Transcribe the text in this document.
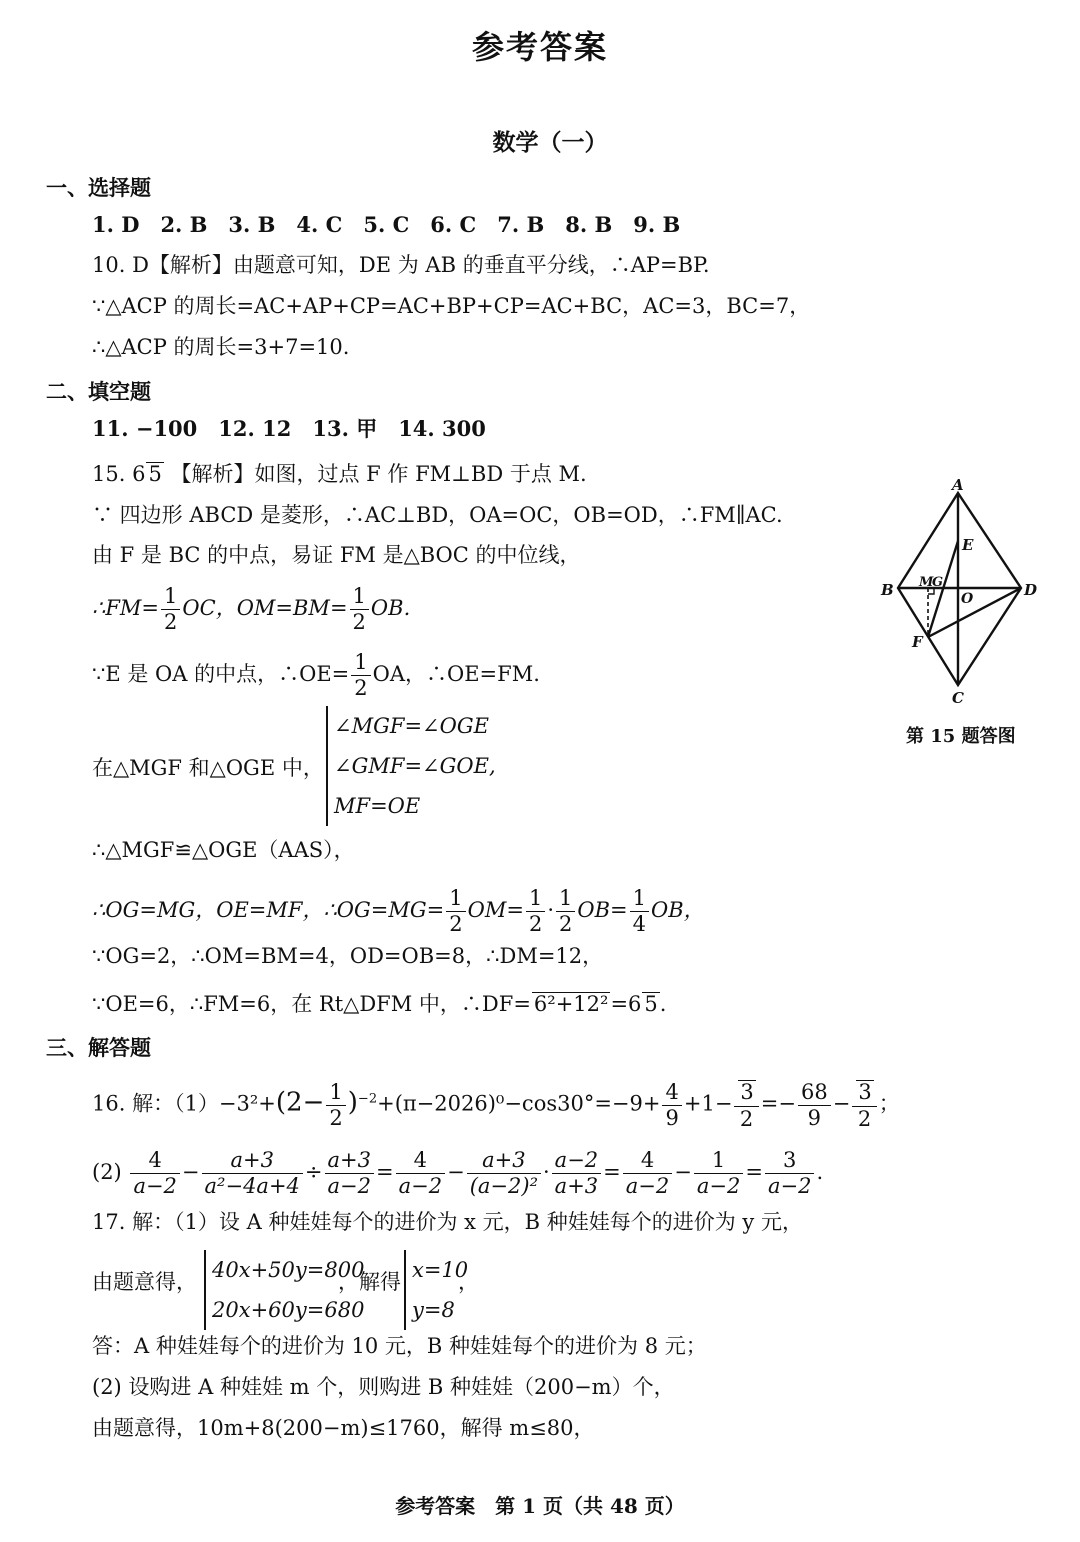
参考答案
数学（一）
一、选择题
1. D　2. B　3. B　4. C　5. C　6. C　7. B　8. B　9. B
10. D【解析】由题意可知，DE 为 AB 的垂直平分线，∴AP=BP.
∵△ACP 的周长=AC+AP+CP=AC+BP+CP=AC+BC，AC=3，BC=7，
∴△ACP 的周长=3+7=10.
二、填空题
11. −100　12. 12　13. 甲　14. 300
15. 6 5 【解析】如图，过点 F 作 FM⊥BD 于点 M.
∵ 四边形 ABCD 是菱形，∴AC⊥BD，OA=OC，OB=OD，∴FM∥AC.
由 F 是 BC 的中点，易证 FM 是△BOC 的中位线，
∴FM= $\frac{1}{2}$ OC，$OM=BM= \frac{1}{2}$ OB.
∵E 是 OA 的中点，∴OE= $\frac{1}{2}$ OA，∴OE=FM.
在△MGF 和△OGE 中，
∠MGF=∠OGE
∠GMF=∠GOE,
MF=OE
∴△MGF≌△OGE（AAS），
∴OG=MG，OE=MF，∴OG=MG= $\frac{1}{2} OM= \frac{1}{2} \cdot \frac{1}{2} OB= \frac{1}{4}$ OB，
∵OG=2，∴OM=BM=4，OD=OB=8，∴DM=12，
∵OE=6，∴FM=6，在 Rt△DFM 中，∴DF= 6²+12²=6 5.
A
B
C
D
E
F
M
G
O
第 15 题答图
三、解答题
16. 解：$(1)-3^2+(2- \frac{1}{2} )^{-2}+(\pi-2026)^0-\cos 30^\circ=-9+ \frac{4}{9} +1- \frac{3}{2} =- \frac{68}{9} - \frac{3}{2}$ ；
$(2) \frac{4}{a-2} - \frac{a+3}{\text{a²−4a+4}} \div \frac{a+3}{a-2} = \frac{4}{a-2} - \frac{a+3}{\text{(a−2)²}} \cdot \frac{a-2}{a+3} = \frac{4}{a-2} - \frac{1}{a-2} = \frac{3}{a-2}$ .
17. 解：（1）设 A 种娃娃每个的进价为 x 元，B 种娃娃每个的进价为 y 元，
由题意得， 40x+50y=800
20x+60y=680
，解得 x=10
y=8
，
答：A 种娃娃每个的进价为 10 元，B 种娃娃每个的进价为 8 元；
(2) 设购进 A 种娃娃 m 个，则购进 B 种娃娃（200−m）个，
由题意得，10m+8(200−m)≤1760，解得 m≤80，
参考答案　第 1 页（共 48 页）
